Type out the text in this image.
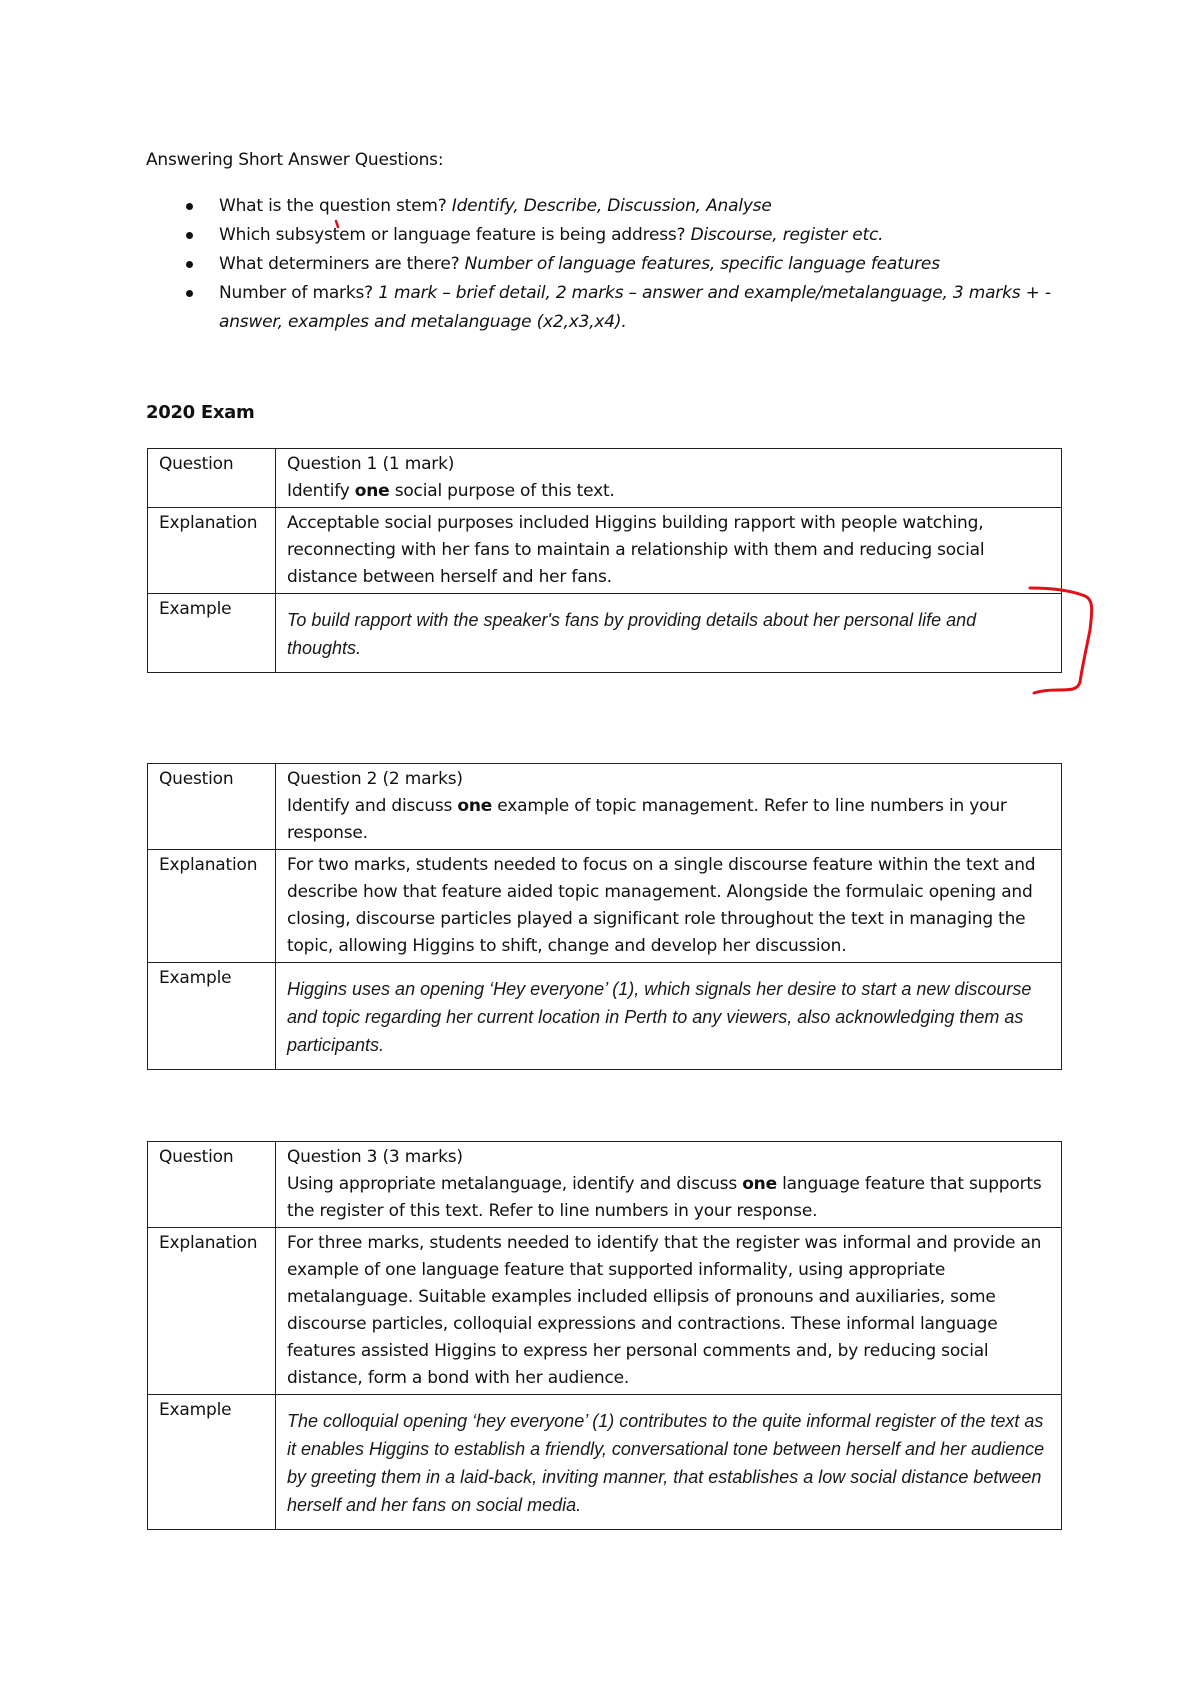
Answering Short Answer Questions:
What is the question stem? Identify, Describe, Discussion, Analyse
Which subsystem or language feature is being address? Discourse, register etc.
What determiners are there? Number of language features, specific language features
Number of marks? 1 mark – brief detail, 2 marks – answer and example/metalanguage, 3 marks + - answer, examples and metalanguage (x2,x3,x4).
2020 Exam
Question	Question 1 (1 mark)
Identify one social purpose of this text.

Explanation	Acceptable social purposes included Higgins building rapport with people watching, reconnecting with her fans to maintain a relationship with them and reducing social distance between herself and her fans.
Example	To build rapport with the speaker's fans by providing details about her personal life and thoughts.
Question	Question 2 (2 marks)
Identify and discuss one example of topic management. Refer to line numbers in your response.

Explanation	For two marks, students needed to focus on a single discourse feature within the text and describe how that feature aided topic management. Alongside the formulaic opening and closing, discourse particles played a significant role throughout the text in managing the topic, allowing Higgins to shift, change and develop her discussion.
Example	Higgins uses an opening ‘Hey everyone’ (1), which signals her desire to start a new discourse and topic regarding her current location in Perth to any viewers, also acknowledging them as participants.
Question	Question 3 (3 marks)
Using appropriate metalanguage, identify and discuss one language feature that supports the register of this text. Refer to line numbers in your response.

Explanation	For three marks, students needed to identify that the register was informal and provide an example of one language feature that supported informality, using appropriate metalanguage. Suitable examples included ellipsis of pronouns and auxiliaries, some discourse particles, colloquial expressions and contractions. These informal language features assisted Higgins to express her personal comments and, by reducing social distance, form a bond with her audience.
Example	The colloquial opening ‘hey everyone’ (1) contributes to the quite informal register of the text as it enables Higgins to establish a friendly, conversational tone between herself and her audience by greeting them in a laid-back, inviting manner, that establishes a low social distance between herself and her fans on social media.
